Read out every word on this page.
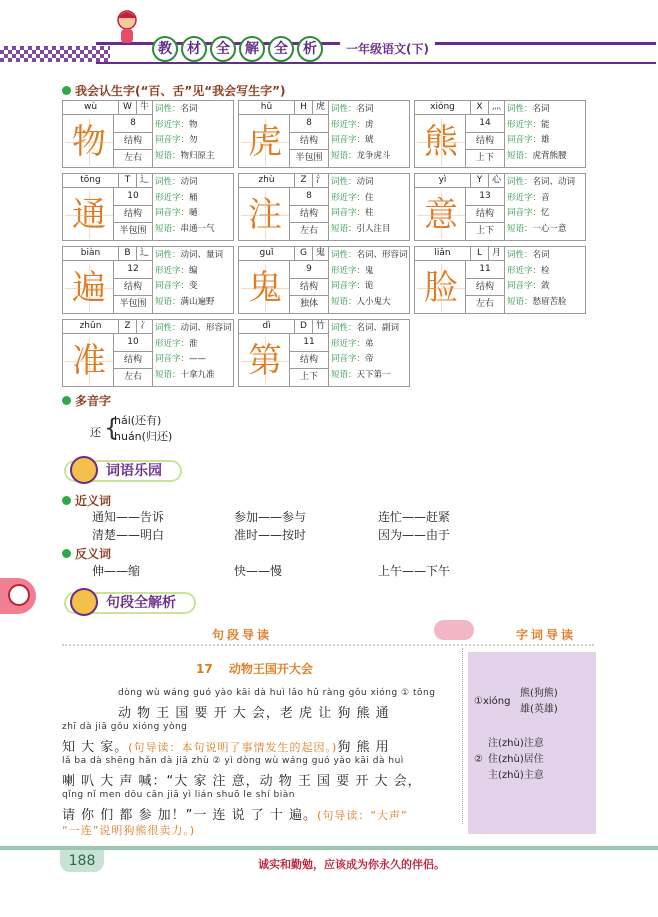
教	材	全	解	全	析	一年级语文(下)
我会认生字(“百、舌”见“我会写生字”)
wù	W 牛
物	8
结构
左右
词性：名词
形近字：物
同音字：勿
短语：物归原主
hǔ	H	虎
虎	8
结构
半包围
词性：名词
形近字：虏
同音字：琥
短语：龙争虎斗
xióng	X	灬
熊	14
结构
上下
词性：名词
形近字：能
同音字：雄
短语：虎背熊腰
tōng	T	辶
通	10
结构
半包围
词性：动词
形近字：桶
同音字：嗵
短语：串通一气
zhù	Z	氵
注	8
结构
左右
词性：动词
形近字：住
同音字：柱
短语：引人注目
yì	Y	心
意	13
结构
上下
词性：名词、动词
形近字：音
同音字：忆
短语：一心一意
biàn	B	辶
遍	12
结构
半包围
词性：动词、量词
形近字：编
同音字：变
短语：满山遍野
guǐ	G	鬼
鬼	9
结构
独体
词性：名词、形容词
形近字：鬼
同音字：诡
短语：人小鬼大
liǎn	L	月
脸	11
结构
左右
词性：名词
形近字：检
同音字：敛
短语：愁眉苦脸
zhǔn	Z	冫
准	10
结构
左右
词性：动词、形容词
形近字：淮
同音字：——
短语：十拿九准
dì	D	竹
第	11
结构
上下
词性：名词、副词
形近字：弟
同音字：帝
短语：天下第一
多音字
还 {
hái(还有)
huán(归还)
词语乐园
近义词
通知——告诉	参加——参与	连忙——赶紧
清楚——明白	准时——按时	因为——由于
反义词
伸——缩	快——慢	上午——下午
句段全解析
句段导读	字词导读
17 动物王国开大会
dòng wù wáng guó yào kāi dà huì lǎo hǔ ràng gǒu xióng ① tōng
动 物 王 国 要 开 大 会，老 虎 让 狗 熊 通
zhī dà jiā gǒu xióng yòng
知 大 家。(句导读：本句说明了事情发生的起因。)狗 熊 用
lǎ ba dà shēng hǎn dà jiā zhù ② yì dòng wù wáng guó yào kāi dà huì
喇 叭 大 声 喊：“大 家 注 意，动 物 王 国 要 开 大 会，
qǐng nǐ men dōu cān jiā yì lián shuō le shí biàn
请 你 们 都 参 加！”一 连 说 了 十 遍。(句导读：“大声”
“一连”说明狗熊很卖力。)
①xióng
熊(狗熊)
雄(英雄)
注(zhù)注意
② 住(zhù)居住
主(zhǔ)主意
188	诚实和勤勉，应该成为你永久的伴侣。
